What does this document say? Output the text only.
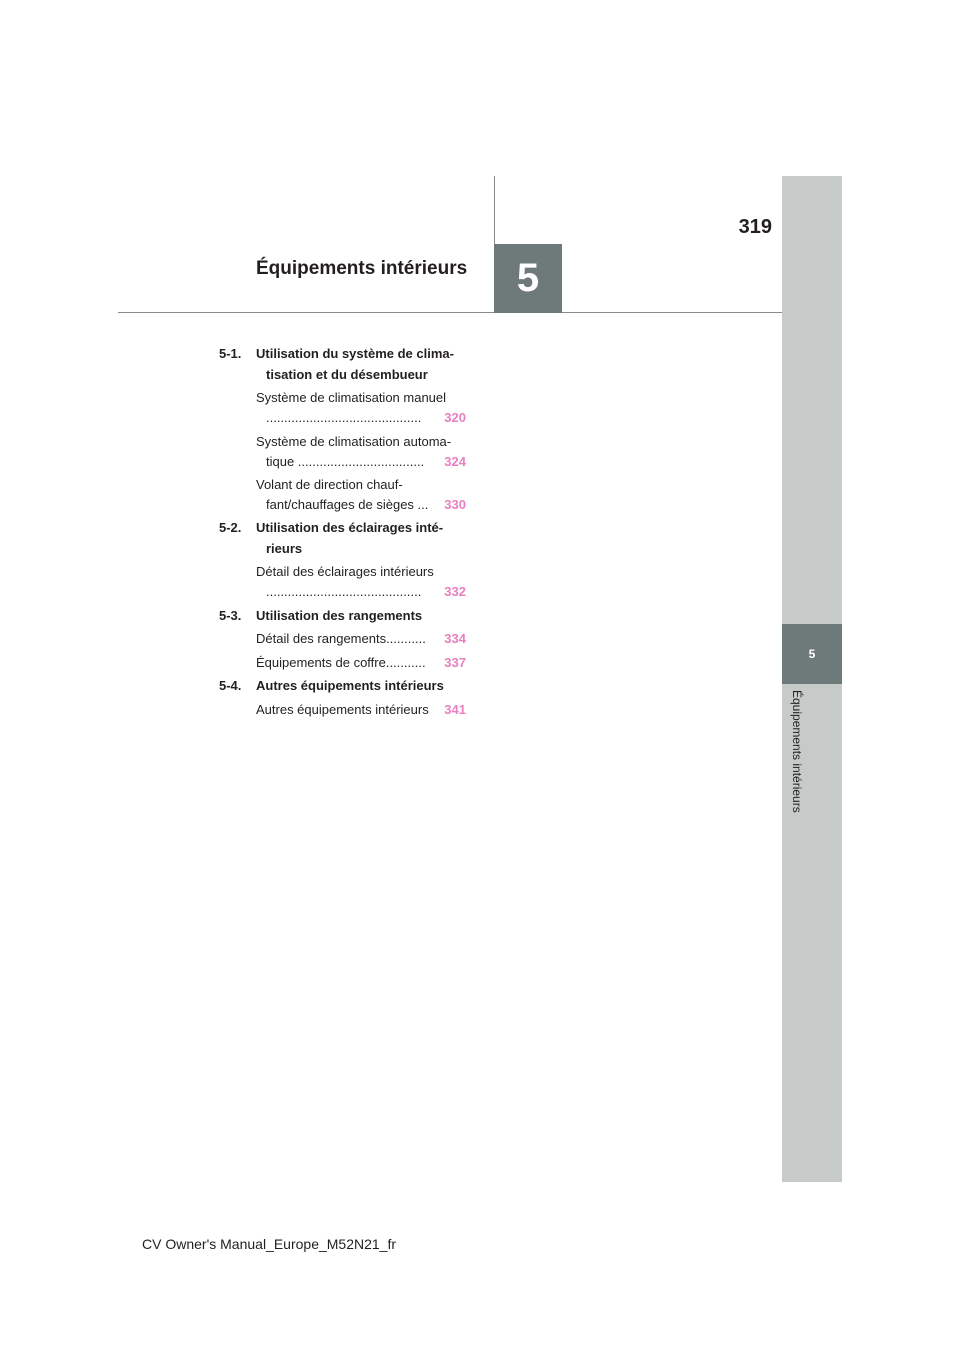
5
319
Équipements intérieurs
5
Équipements intérieurs
5-1. Utilisation du système de clima-
tisation et du désembueur
Système de climatisation manuel
...........................................	320
Système de climatisation automa-
tique ...................................	324
Volant de direction chauf-
fant/chauffages de sièges ...	330
5-2. Utilisation des éclairages inté-
rieurs
Détail des éclairages intérieurs
...........................................	332
5-3. Utilisation des rangements
Détail des rangements...........	334
Équipements de coffre...........	337
5-4. Autres équipements intérieurs
Autres équipements intérieurs	341
CV Owner's Manual_Europe_M52N21_fr
